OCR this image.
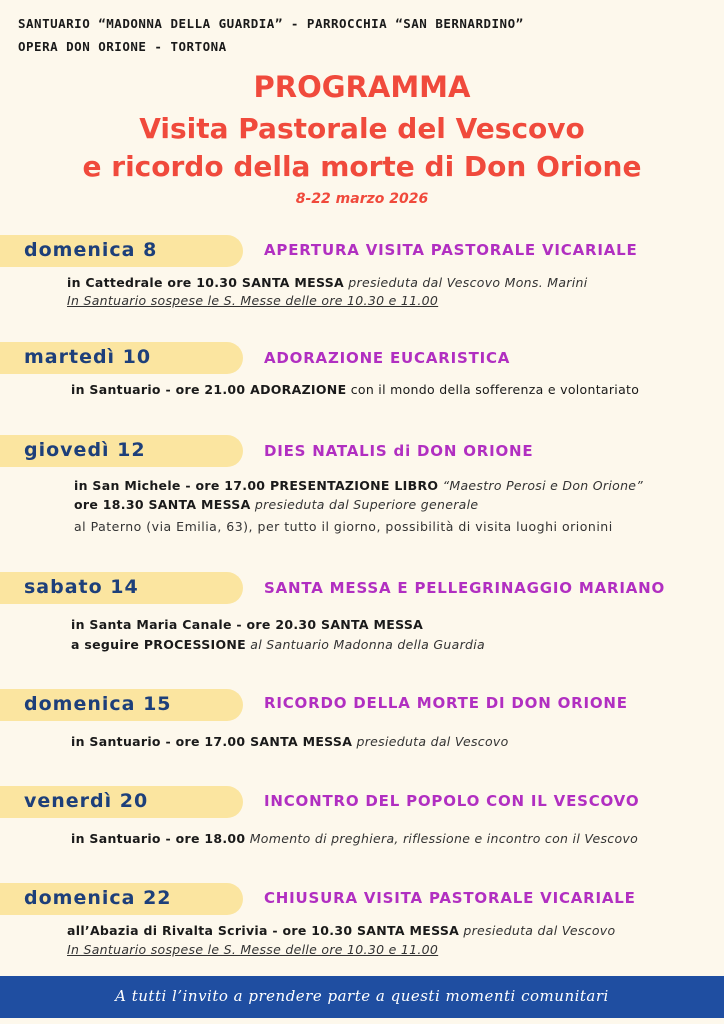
SANTUARIO “MADONNA DELLA GUARDIA” - PARROCCHIA “SAN BERNARDINO”
OPERA DON ORIONE - TORTONA
PROGRAMMA
Visita Pastorale del Vescovo
e ricordo della morte di Don Orione
8-22 marzo 2026
domenica 8	APERTURA VISITA PASTORALE VICARIALE
in Cattedrale ore 10.30 SANTA MESSA presieduta dal Vescovo Mons. Marini
In Santuario sospese le S. Messe delle ore 10.30 e 11.00
martedì 10	ADORAZIONE EUCARISTICA
in Santuario - ore 21.00 ADORAZIONE con il mondo della sofferenza e volontariato
giovedì 12	DIES NATALIS di DON ORIONE
in San Michele - ore 17.00 PRESENTAZIONE LIBRO “Maestro Perosi e Don Orione”
ore 18.30 SANTA MESSA presieduta dal Superiore generale
al Paterno (via Emilia, 63), per tutto il giorno, possibilità di visita luoghi orionini
sabato 14	SANTA MESSA E PELLEGRINAGGIO MARIANO
in Santa Maria Canale - ore 20.30 SANTA MESSA
a seguire PROCESSIONE al Santuario Madonna della Guardia
domenica 15	RICORDO DELLA MORTE DI DON ORIONE
in Santuario - ore 17.00 SANTA MESSA presieduta dal Vescovo
venerdì 20	INCONTRO DEL POPOLO CON IL VESCOVO
in Santuario - ore 18.00 Momento di preghiera, riflessione e incontro con il Vescovo
domenica 22	CHIUSURA VISITA PASTORALE VICARIALE
all’Abazia di Rivalta Scrivia - ore 10.30 SANTA MESSA presieduta dal Vescovo
In Santuario sospese le S. Messe delle ore 10.30 e 11.00
A tutti l’invito a prendere parte a questi momenti comunitari
